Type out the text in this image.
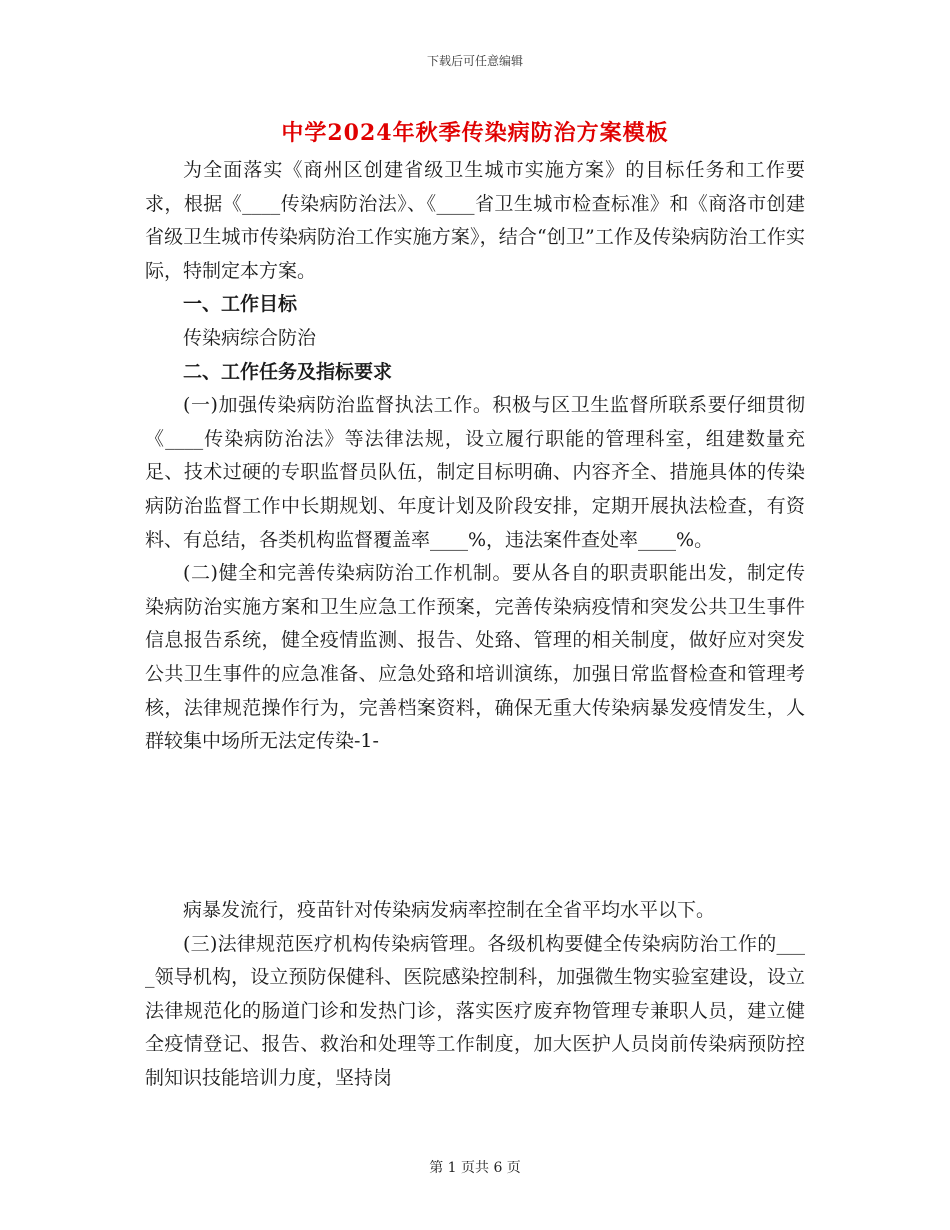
下载后可任意编辑
中学2024年秋季传染病防治方案模板

为全面落实《商州区创建省级卫生城市实施方案》的目标任务和工作要求，根据《____传染病防治法》、《____省卫生城市检查标准》和《商洛市创建省级卫生城市传染病防治工作实施方案》，结合“创卫”工作及传染病防治工作实际，特制定本方案。

一、工作目标

传染病综合防治

二、工作任务及指标要求

(一)加强传染病防治监督执法工作。积极与区卫生监督所联系要仔细贯彻《____传染病防治法》等法律法规，设立履行职能的管理科室，组建数量充足、技术过硬的专职监督员队伍，制定目标明确、内容齐全、措施具体的传染病防治监督工作中长期规划、年度计划及阶段安排，定期开展执法检查，有资料、有总结，各类机构监督覆盖率____%，违法案件查处率____%。

(二)健全和完善传染病防治工作机制。要从各自的职责职能出发，制定传染病防治实施方案和卫生应急工作预案，完善传染病疫情和突发公共卫生事件信息报告系统，健全疫情监测、报告、处臵、管理的相关制度，做好应对突发公共卫生事件的应急准备、应急处臵和培训演练，加强日常监督检查和管理考核，法律规范操作行为，完善档案资料，确保无重大传染病暴发疫情发生，人群较集中场所无法定传染-1-

病暴发流行，疫苗针对传染病发病率控制在全省平均水平以下。

(三)法律规范医疗机构传染病管理。各级机构要健全传染病防治工作的____领导机构，设立预防保健科、医院感染控制科，加强微生物实验室建设，设立法律规范化的肠道门诊和发热门诊，落实医疗废弃物管理专兼职人员，建立健全疫情登记、报告、救治和处理等工作制度，加大医护人员岗前传染病预防控制知识技能培训力度，坚持岗

第 1 页共 6 页
